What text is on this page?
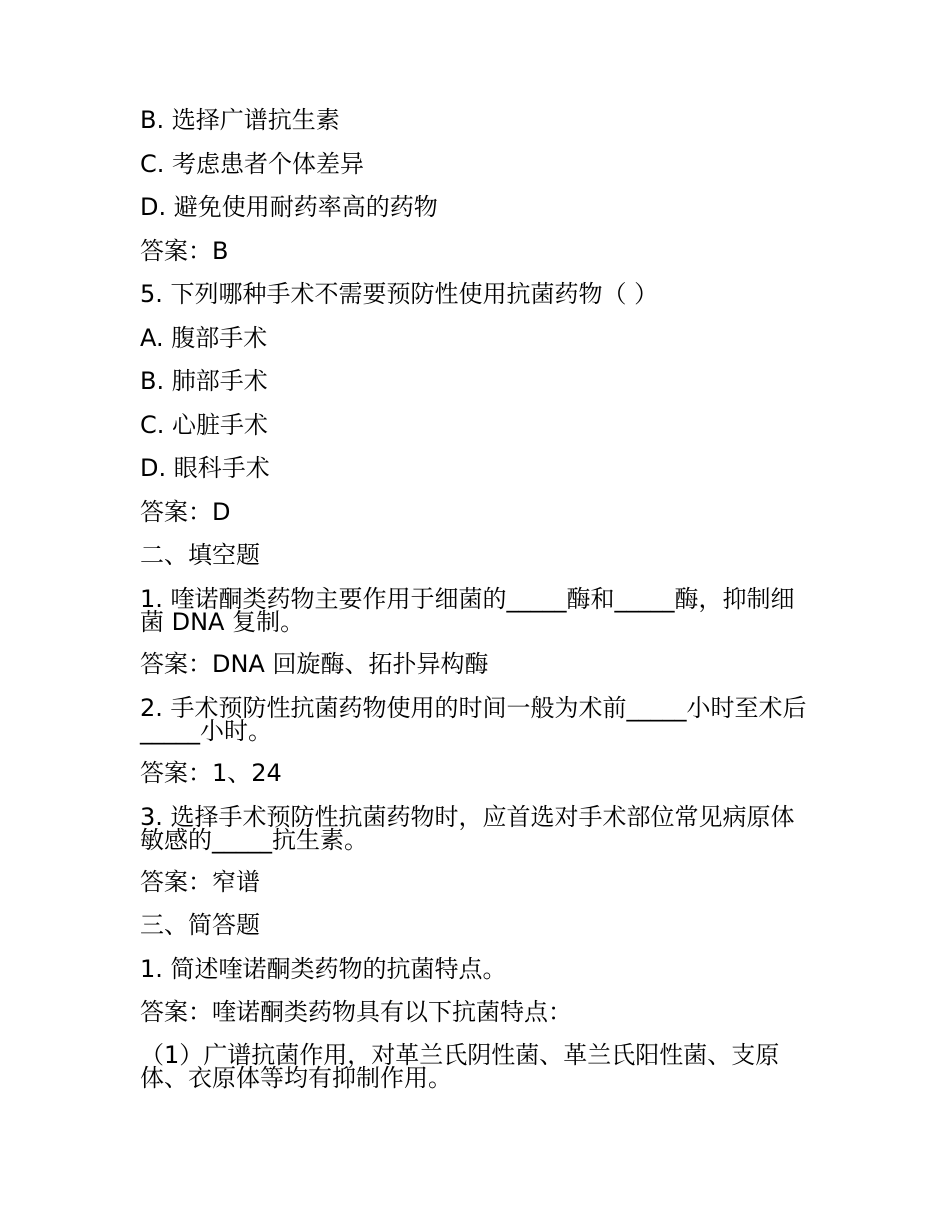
B. 选择广谱抗生素
C. 考虑患者个体差异
D. 避免使用耐药率高的药物
答案：B
5. 下列哪种手术不需要预防性使用抗菌药物（ ）
A. 腹部手术
B. 肺部手术
C. 心脏手术
D. 眼科手术
答案：D
二、填空题
1. 喹诺酮类药物主要作用于细菌的_____酶和_____酶，抑制细菌 DNA 复制。
答案：DNA 回旋酶、拓扑异构酶
2. 手术预防性抗菌药物使用的时间一般为术前_____小时至术后_____小时。
答案：1、24
3. 选择手术预防性抗菌药物时，应首选对手术部位常见病原体敏感的_____抗生素。
答案：窄谱
三、简答题
1. 简述喹诺酮类药物的抗菌特点。
答案：喹诺酮类药物具有以下抗菌特点：
（1）广谱抗菌作用，对革兰氏阴性菌、革兰氏阳性菌、支原体、衣原体等均有抑制作用。
